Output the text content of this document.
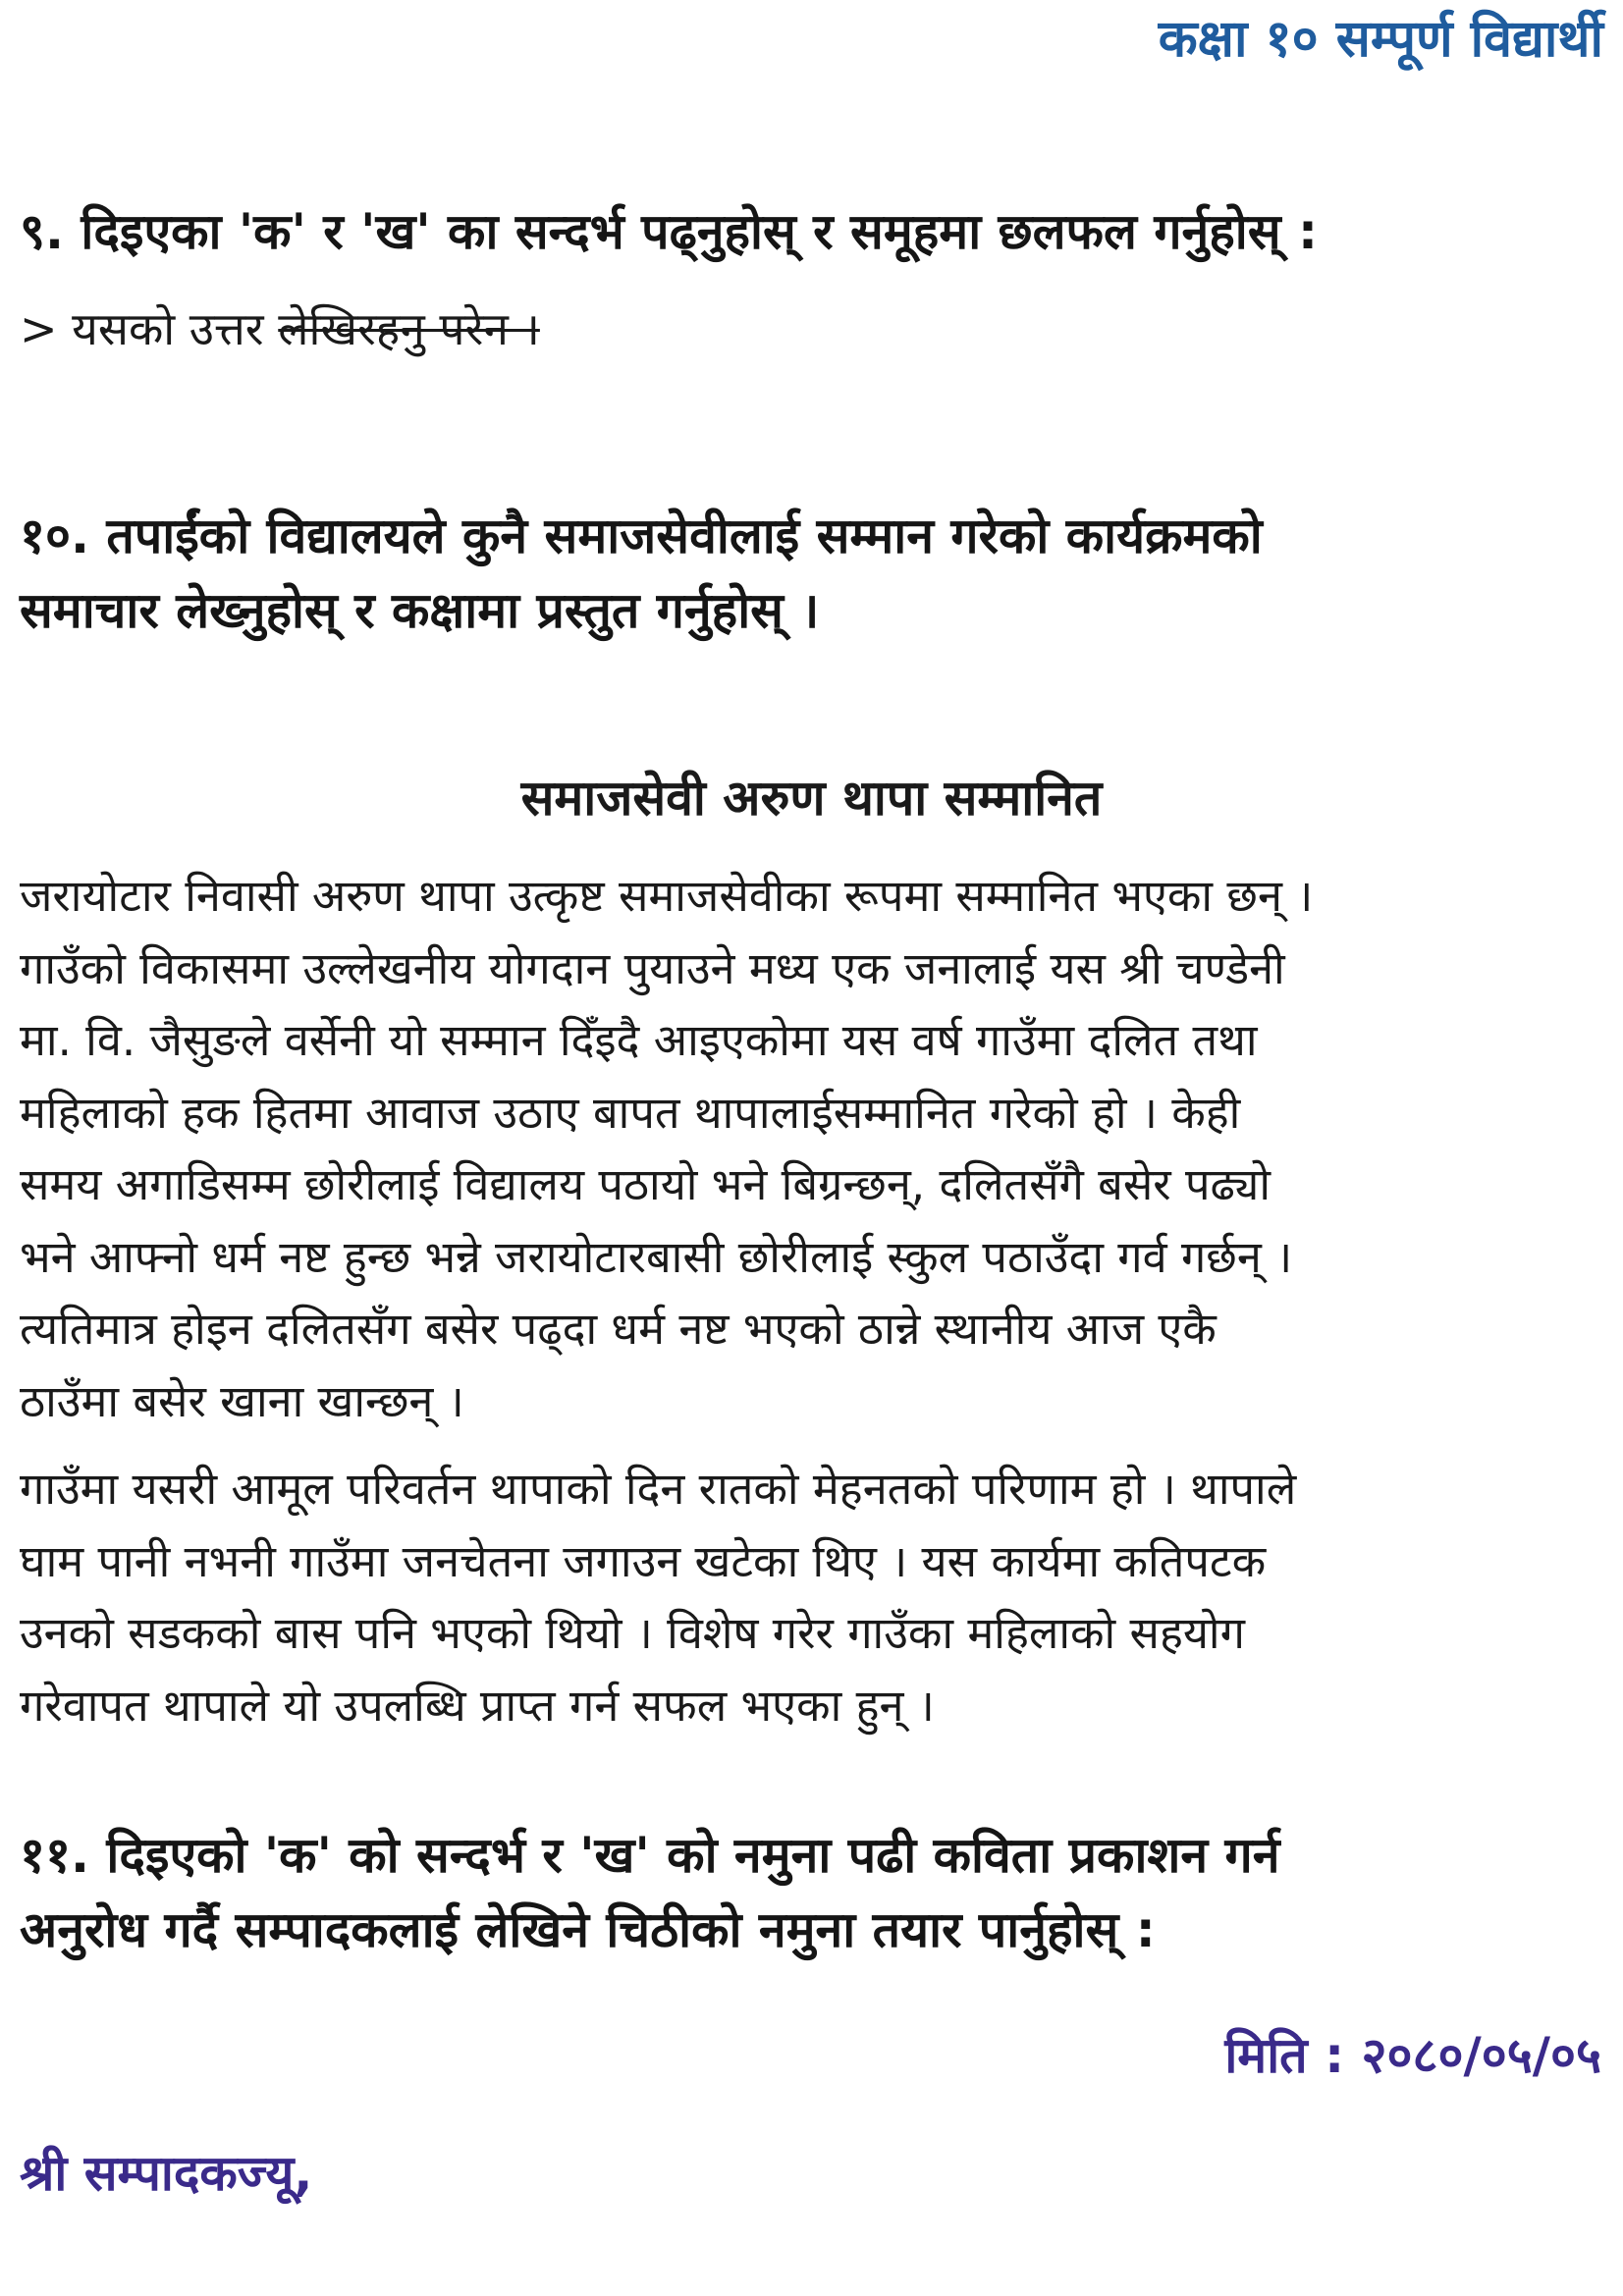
कक्षा १० सम्पूर्ण विद्यार्थी
९. दिइएका 'क' र 'ख' का सन्दर्भ पढ्नुहोस् र समूहमा छलफल गर्नुहोस् :
> यसको उत्तर लेखिरहनु परेन ।
१०. तपाईंको विद्यालयले कुनै समाजसेवीलाई सम्मान गरेको कार्यक्रमको
समाचार लेख्नुहोस् र कक्षामा प्रस्तुत गर्नुहोस् ।
समाजसेवी अरुण थापा सम्मानित
जरायोटार निवासी अरुण थापा उत्कृष्ट समाजसेवीका रूपमा सम्मानित भएका छन् ।
गाउँको विकासमा उल्लेखनीय योगदान पुयाउने मध्य एक जनालाई यस श्री चण्डेनी
मा. वि. जैसुङले वर्सेनी यो सम्मान दिँइदै आइएकोमा यस वर्ष गाउँमा दलित तथा
महिलाको हक हितमा आवाज उठाए बापत थापालाईसम्मानित गरेको हो । केही
समय अगाडिसम्म छोरीलाई विद्यालय पठायो भने बिग्रन्छन्, दलितसँगै बसेर पढ्यो
भने आफ्नो धर्म नष्ट हुन्छ भन्ने जरायोटारबासी छोरीलाई स्कुल पठाउँदा गर्व गर्छन् ।
त्यतिमात्र होइन दलितसँग बसेर पढ्दा धर्म नष्ट भएको ठान्ने स्थानीय आज एकै
ठाउँमा बसेर खाना खान्छन् ।
गाउँमा यसरी आमूल परिवर्तन थापाको दिन रातको मेहनतको परिणाम हो । थापाले
घाम पानी नभनी गाउँमा जनचेतना जगाउन खटेका थिए । यस कार्यमा कतिपटक
उनको सडकको बास पनि भएको थियो । विशेष गरेर गाउँका महिलाको सहयोग
गरेवापत थापाले यो उपलब्धि प्राप्त गर्न सफल भएका हुन् ।
११. दिइएको 'क' को सन्दर्भ र 'ख' को नमुना पढी कविता प्रकाशन गर्न
अनुरोध गर्दै सम्पादकलाई लेखिने चिठीको नमुना तयार पार्नुहोस् :
मिति : २०८०/०५/०५
श्री सम्पादकज्यू,
